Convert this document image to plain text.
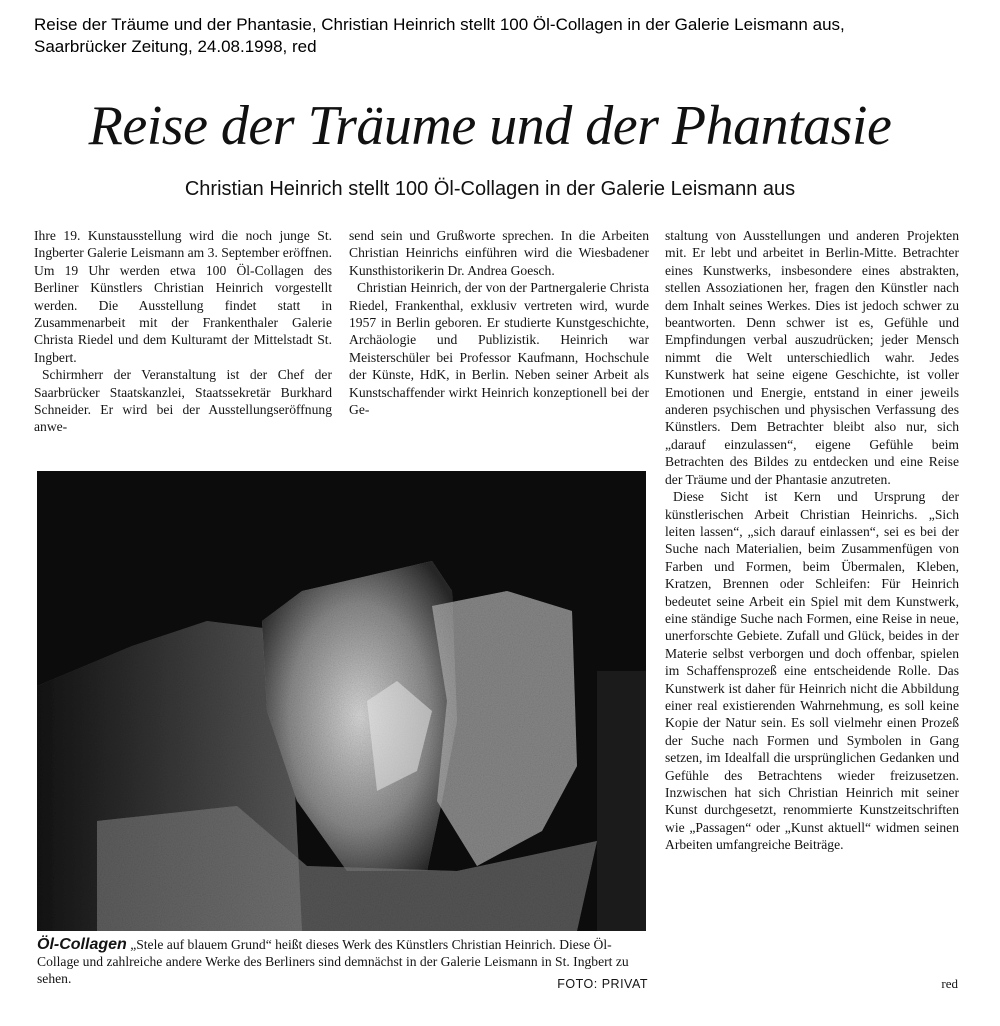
Reise der Träume und der Phantasie, Christian Heinrich stellt 100 Öl-Collagen in der Galerie Leismann aus,
Saarbrücker Zeitung, 24.08.1998, red
Reise der Träume und der Phantasie
Christian Heinrich stellt 100 Öl-Collagen in der Galerie Leismann aus

Ihre 19. Kunstausstellung wird die noch junge St. Ingberter Galerie Leismann am 3. September eröffnen. Um 19 Uhr werden etwa 100 Öl-Collagen des Berliner Künstlers Christian Heinrich vorgestellt werden. Die Ausstellung findet statt in Zusammenarbeit mit der Frankenthaler Galerie Christa Riedel und dem Kulturamt der Mittelstadt St. Ingbert.

Schirmherr der Veranstaltung ist der Chef der Saarbrücker Staatskanzlei, Staatssekretär Burkhard Schneider. Er wird bei der Ausstellungseröffnung anwe-

send sein und Grußworte sprechen. In die Arbeiten Christian Heinrichs einführen wird die Wiesbadener Kunsthistorikerin Dr. Andrea Goesch.

Christian Heinrich, der von der Partnergalerie Christa Riedel, Frankenthal, exklusiv vertreten wird, wurde 1957 in Berlin geboren. Er studierte Kunstgeschichte, Archäologie und Publizistik. Heinrich war Meisterschüler bei Professor Kaufmann, Hochschule der Künste, HdK, in Berlin. Neben seiner Arbeit als Kunstschaffender wirkt Heinrich konzeptionell bei der Ge-

staltung von Ausstellungen und anderen Projekten mit. Er lebt und arbeitet in Berlin-Mitte. Betrachter eines Kunstwerks, insbesondere eines abstrakten, stellen Assoziationen her, fragen den Künstler nach dem Inhalt seines Werkes. Dies ist jedoch schwer zu beantworten. Denn schwer ist es, Gefühle und Empfindungen verbal auszudrücken; jeder Mensch nimmt die Welt unterschiedlich wahr. Jedes Kunstwerk hat seine eigene Geschichte, ist voller Emotionen und Energie, entstand in einer jeweils anderen psychischen und physischen Verfassung des Künstlers. Dem Betrachter bleibt also nur, sich „darauf einzulassen“, eigene Gefühle beim Betrachten des Bildes zu entdecken und eine Reise der Träume und der Phantasie anzutreten.

Diese Sicht ist Kern und Ursprung der künstlerischen Arbeit Christian Heinrichs. „Sich leiten lassen“, „sich darauf einlassen“, sei es bei der Suche nach Materialien, beim Zusammenfügen von Farben und Formen, beim Übermalen, Kleben, Kratzen, Brennen oder Schleifen: Für Heinrich bedeutet seine Arbeit ein Spiel mit dem Kunstwerk, eine ständige Suche nach Formen, eine Reise in neue, unerforschte Gebiete. Zufall und Glück, beides in der Materie selbst verborgen und doch offenbar, spielen im Schaffensprozeß eine entscheidende Rolle. Das Kunstwerk ist daher für Heinrich nicht die Abbildung einer real existierenden Wahrnehmung, es soll keine Kopie der Natur sein. Es soll vielmehr einen Prozeß der Suche nach Formen und Symbolen in Gang setzen, im Idealfall die ursprünglichen Gedanken und Gefühle des Betrachtens wieder freizusetzen. Inzwischen hat sich Christian Heinrich mit seiner Kunst durchgesetzt, renommierte Kunstzeitschriften wie „Passagen“ oder „Kunst aktuell“ widmen seinen Arbeiten umfangreiche Beiträge.

Öl-Collagen „Stele auf blauem Grund“ heißt dieses Werk des Künstlers Christian Heinrich. Diese Öl-Collage und zahlreiche andere Werke des Berliners sind demnächst in der Galerie Leismann in St. Ingbert zu sehen.	FOTO: PRIVAT	red
